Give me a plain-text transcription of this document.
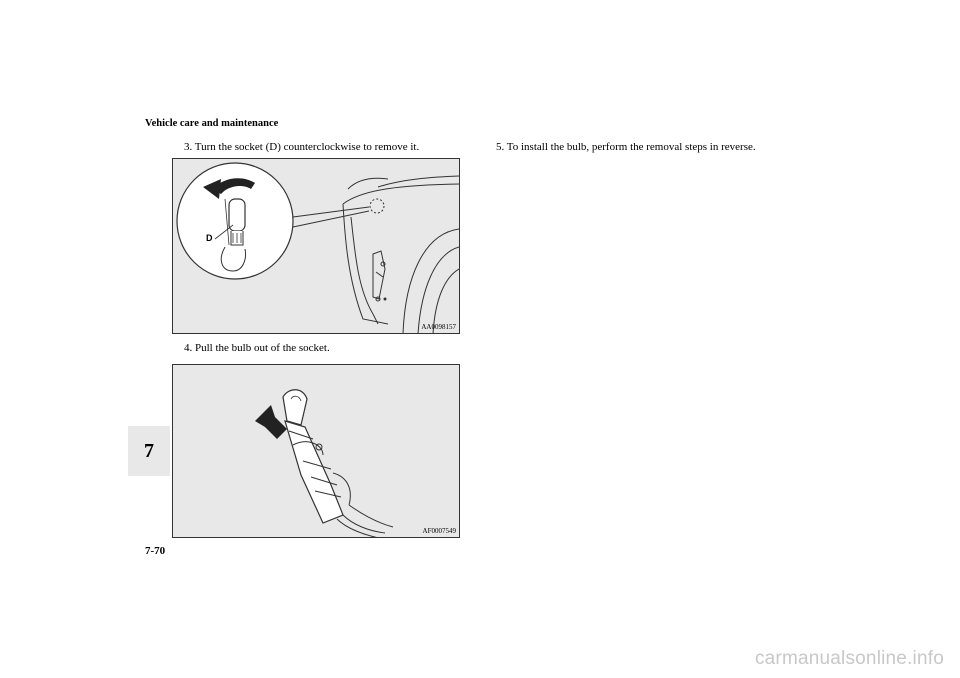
Vehicle care and maintenance
3. Turn the socket (D) counterclockwise to remove it.
D
AA0098157
4. Pull the bulb out of the socket.
AF0007549
5. To install the bulb, perform the removal steps in reverse.
7
7-70
carmanualsonline.info
